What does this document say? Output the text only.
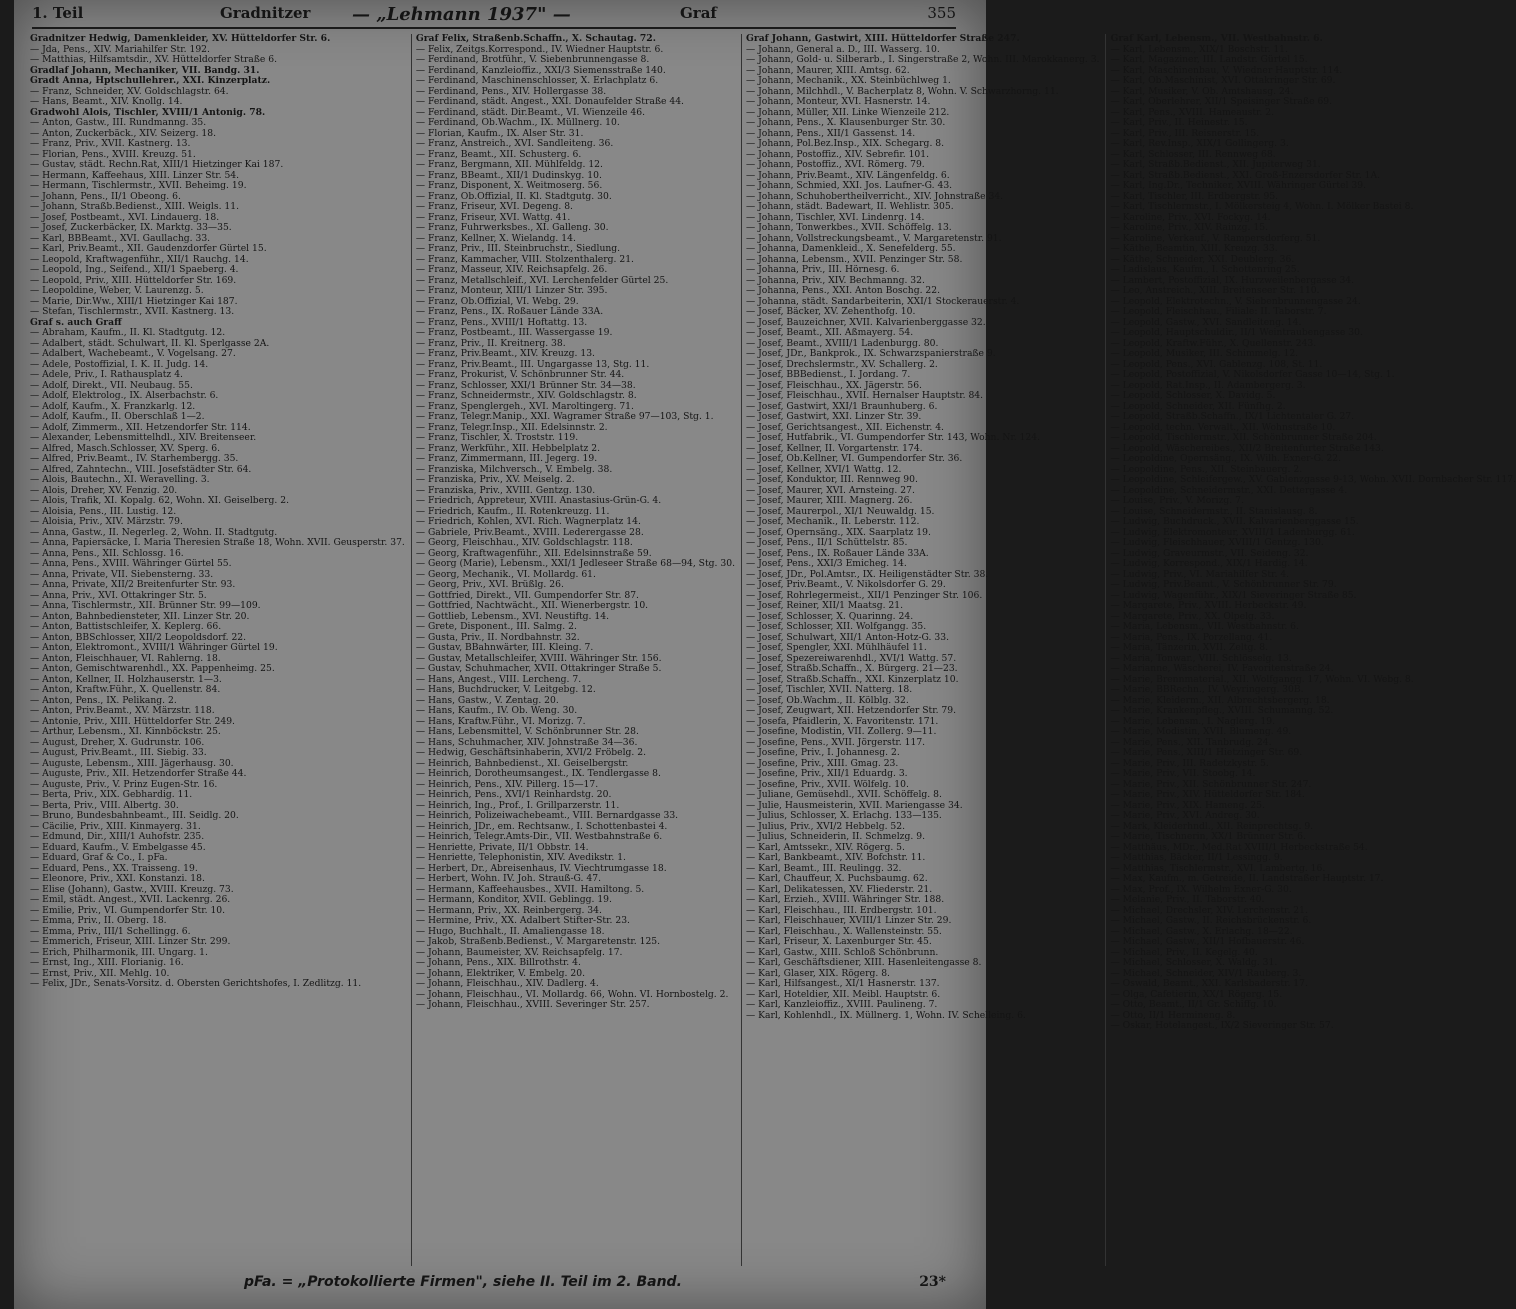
1. Teil	Gradnitzer — „Lehmann 1937" —	Graf	355
Gradnitzer Hedwig, Damenkleider, XV. Hütteldorfer Str. 6.
— Jda, Pens., XIV. Mariahilfer Str. 192.
— Matthias, Hilfsamtsdir., XV. Hütteldorfer Straße 6.
Gradlaf Johann, Mechaniker, VII. Bandg. 31.
Gradt Anna, Hptschullehrer., XXI. Kinzerplatz.
— Franz, Schneider, XV. Goldschlagstr. 64.
— Hans, Beamt., XIV. Knollg. 14.
Gradwohl Alois, Tischler, XVIII/1 Antonig. 78.
— Anton, Gastw., III. Rundmanng. 35.
— Anton, Zuckerbäck., XIV. Seizerg. 18.
— Franz, Priv., XVII. Kastnerg. 13.
— Florian, Pens., XVIII. Kreuzg. 51.
— Gustav, städt. Rechn.Rat, XIII/1 Hietzinger Kai 187.
— Hermann, Kaffeehaus, XIII. Linzer Str. 54.
— Hermann, Tischlermstr., XVII. Beheimg. 19.
— Johann, Pens., II/1 Obeong. 6.
— Johann, Straßb.Bedienst., XIII. Weigls. 11.
— Josef, Postbeamt., XVI. Lindauerg. 18.
— Josef, Zuckerbäcker, IX. Marktg. 33—35.
— Karl, BBBeamt., XVI. Gaullachg. 33.
— Karl, Priv.Beamt., XII. Gaudenzdorfer Gürtel 15.
— Leopold, Kraftwagenführ., XII/1 Rauchg. 14.
— Leopold, Ing., Seifend., XII/1 Spaeberg. 4.
— Leopold, Priv., XIII. Hütteldorfer Str. 169.
— Leopoldine, Weber, V. Laurenzg. 5.
— Marie, Dir.Ww., XIII/1 Hietzinger Kai 187.
— Stefan, Tischlermstr., XVII. Kastnerg. 13.
Graf s. auch Graff
— Abraham, Kaufm., II. Kl. Stadtgutg. 12.
— Adalbert, städt. Schulwart, II. Kl. Sperlgasse 2A.
— Adalbert, Wachebeamt., V. Vogelsang. 27.
— Adele, Postoffizial, I. K. II. Judg. 14.
— Adele, Priv., I. Rathausplatz 4.
— Adolf, Direkt., VII. Neubaug. 55.
— Adolf, Elektrolog., IX. Alserbachstr. 6.
— Adolf, Kaufm., X. Franzkarlg. 12.
— Adolf, Kaufm., II. Oberschlaß 1—2.
— Adolf, Zimmerm., XII. Hetzendorfer Str. 114.
— Alexander, Lebensmittelhdl., XIV. Breitenseer.
— Alfred, Masch.Schlosser, XV. Sperg. 6.
— Alfred, Priv.Beamt., IV. Starhembergg. 35.
— Alfred, Zahntechn., VIII. Josefstädter Str. 64.
— Alois, Bautechn., XI. Weravelling. 3.
— Alois, Dreher, XV. Fenzig. 20.
— Alois, Trafik, XI. Kopalg. 62, Wohn. XI. Geiselberg. 2.
— Aloisia, Pens., III. Lustig. 12.
— Aloisia, Priv., XIV. Märzstr. 79.
— Anna, Gastw., II. Negerleg. 2, Wohn. II. Stadtgutg.
— Anna, Papiersäcke, I. Maria Theresien Straße 18, Wohn. XVII. Geusperstr. 37.
— Anna, Pens., XII. Schlossg. 16.
— Anna, Pens., XVIII. Währinger Gürtel 55.
— Anna, Private, VII. Siebensterng. 33.
— Anna, Private, XII/2 Breitenfurter Str. 93.
— Anna, Priv., XVI. Ottakringer Str. 5.
— Anna, Tischlermstr., XII. Brünner Str. 99—109.
— Anton, Bahnbediensteter, XII. Linzer Str. 20.
— Anton, Battistschleifer, X. Keplerg. 66.
— Anton, BBSchlosser, XII/2 Leopoldsdorf. 22.
— Anton, Elektromont., XVIII/1 Währinger Gürtel 19.
— Anton, Fleischhauer, VI. Rahlerng. 18.
— Anton, Gemischtwarenhdl., XX. Pappenheimg. 25.
— Anton, Kellner, II. Holzhauserstr. 1—3.
— Anton, Kraftw.Führ., X. Quellenstr. 84.
— Anton, Pens., IX. Pelikang. 2.
— Anton, Priv.Beamt., XV. Märzstr. 118.
— Antonie, Priv., XIII. Hütteldorfer Str. 249.
— Arthur, Lebensm., XI. Kinnböckstr. 25.
— August, Dreher, X. Gudrunstr. 106.
— August, Priv.Beamt., III. Siebig. 33.
— Auguste, Lebensm., XIII. Jägerhausg. 30.
— Auguste, Priv., XII. Hetzendorfer Straße 44.
— Auguste, Priv., V. Prinz Eugen-Str. 16.
— Berta, Priv., XIX. Gebhardig. 11.
— Berta, Priv., VIII. Albertg. 30.
— Bruno, Bundesbahnbeamt., III. Seidlg. 20.
— Cäcilie, Priv., XIII. Kinmayerg. 31.
— Edmund, Dir., XIII/1 Auhofstr. 235.
— Eduard, Kaufm., V. Embelgasse 45.
— Eduard, Graf & Co., I. pFa.
— Eduard, Pens., XX. Traisseng. 19.
— Eleonore, Priv., XXI. Konstanzi. 18.
— Elise (Johann), Gastw., XVIII. Kreuzg. 73.
— Emil, städt. Angest., XVII. Lackenrg. 26.
— Emilie, Priv., VI. Gumpendorfer Str. 10.
— Emma, Priv., II. Oberg. 18.
— Emma, Priv., III/1 Schellingg. 6.
— Emmerich, Friseur, XIII. Linzer Str. 299.
— Erich, Philharmonik, III. Ungarg. 1.
— Ernst, Ing., XIII. Florianig. 16.
— Ernst, Priv., XII. Mehlg. 10.
— Felix, JDr., Senats-Vorsitz. d. Obersten Gerichtshofes, I. Zedlitzg. 11.
Graf Felix, Straßenb.Schaffn., X. Schautag. 72.
— Felix, Zeitgs.Korrespond., IV. Wiedner Hauptstr. 6.
— Ferdinand, Brotführ., V. Siebenbrunnengasse 8.
— Ferdinand, Kanzleioffiz., XXI/3 Siemensstraße 140.
— Ferdinand, Maschinenschlosser, X. Erlachplatz 6.
— Ferdinand, Pens., XIV. Hollergasse 38.
— Ferdinand, städt. Angest., XXI. Donaufelder Straße 44.
— Ferdinand, städt. Dir.Beamt., VI. Wienzeile 46.
— Ferdinand, Ob.Wachm., IX. Müllnerg. 10.
— Florian, Kaufm., IX. Alser Str. 31.
— Franz, Anstreich., XVI. Sandleiteng. 36.
— Franz, Beamt., XII. Schusterg. 6.
— Franz, Bergmann, XII. Mühlfeldg. 12.
— Franz, BBeamt., XII/1 Dudinskyg. 10.
— Franz, Disponent, X. Weitmoserg. 56.
— Franz, Ob.Offizial, II. Kl. Stadtgutg. 30.
— Franz, Friseur, XVI. Degeng. 8.
— Franz, Friseur, XVI. Wattg. 41.
— Franz, Fuhrwerksbes., XI. Galleng. 30.
— Franz, Kellner, X. Wielandg. 14.
— Franz, Priv., III. Steinbruchstr., Siedlung.
— Franz, Kammacher, VIII. Stolzenthalerg. 21.
— Franz, Masseur, XIV. Reichsapfelg. 26.
— Franz, Metallschleif., XVI. Lerchenfelder Gürtel 25.
— Franz, Monteur, XIII/1 Linzer Str. 395.
— Franz, Ob.Offizial, VI. Webg. 29.
— Franz, Pens., IX. Roßauer Lände 33A.
— Franz, Pens., XVIII/1 Hoftattg. 13.
— Franz, Postbeamt., III. Wassergasse 19.
— Franz, Priv., II. Kreitnerg. 38.
— Franz, Priv.Beamt., XIV. Kreuzg. 13.
— Franz, Priv.Beamt., III. Ungargasse 13, Stg. 11.
— Franz, Prokurist, V. Schönbrunner Str. 44.
— Franz, Schlosser, XXI/1 Brünner Str. 34—38.
— Franz, Schneidermstr., XIV. Goldschlagstr. 8.
— Franz, Spenglergeh., XVI. Maroltingerg. 71.
— Franz, Telegr.Manip., XXI. Wagramer Straße 97—103, Stg. 1.
— Franz, Telegr.Insp., XII. Edelsinnstr. 2.
— Franz, Tischler, X. Troststr. 119.
— Franz, Werkführ., XII. Hebbelplatz 2.
— Franz, Zimmermann, III. Jegerg. 19.
— Franziska, Milchversch., V. Embelg. 38.
— Franziska, Priv., XV. Meiselg. 2.
— Franziska, Priv., XVIII. Gentzg. 130.
— Friedrich, Appreteur, XVIII. Anastasius-Grün-G. 4.
— Friedrich, Kaufm., II. Rotenkreuzg. 11.
— Friedrich, Kohlen, XVI. Rich. Wagnerplatz 14.
— Gabriele, Priv.Beamt., XVIII. Lederergasse 28.
— Georg, Fleischhau., XIV. Goldschlagstr. 118.
— Georg, Kraftwagenführ., XII. Edelsinnstraße 59.
— Georg (Marie), Lebensm., XXI/1 Jedleseer Straße 68—94, Stg. 30.
— Georg, Mechanik., VI. Mollardg. 61.
— Georg, Priv., XVI. Brüßlg. 26.
— Gottfried, Direkt., VII. Gumpendorfer Str. 87.
— Gottfried, Nachtwächt., XII. Wienerbergstr. 10.
— Gottlieb, Lebensm., XVI. Neustiftg. 14.
— Grete, Disponent., III. Salmg. 2.
— Gusta, Priv., II. Nordbahnstr. 32.
— Gustav, BBahnwärter, III. Kleing. 7.
— Gustav, Metallschleifer, XVIII. Währinger Str. 156.
— Gustav, Schuhmacher, XVII. Ottakringer Straße 5.
— Hans, Angest., VIII. Lercheng. 7.
— Hans, Buchdrucker, V. Leitgebg. 12.
— Hans, Gastw., V. Zentag. 20.
— Hans, Kaufm., IV. Ob. Weng. 30.
— Hans, Kraftw.Führ., VI. Morizg. 7.
— Hans, Lebensmittel, V. Schönbrunner Str. 28.
— Hans, Schuhmacher, XIV. Johnstraße 34—36.
— Hedwig, Geschäftsinhaberin, XVI/2 Fröbelg. 2.
— Heinrich, Bahnbedienst., XI. Geiselbergstr.
— Heinrich, Dorotheumsangest., IX. Tendlergasse 8.
— Heinrich, Pens., XIV. Pillerg. 15—17.
— Heinrich, Pens., XVI/1 Reinhardstg. 20.
— Heinrich, Ing., Prof., I. Grillparzerstr. 11.
— Heinrich, Polizeiwachebeamt., VIII. Bernardgasse 33.
— Heinrich, JDr., em. Rechtsanw., I. Schottenbastei 4.
— Heinrich, Telegr.Amts-Dir., VII. Westbahnstraße 6.
— Henriette, Private, II/1 Obbstr. 14.
— Henriette, Telephonistin, XIV. Avedikstr. 1.
— Herbert, Dr., Abreisenhaus, IV. Viechtrumgasse 18.
— Herbert, Wohn. IV. Joh. Strauß-G. 47.
— Hermann, Kaffeehausbes., XVII. Hamiltong. 5.
— Hermann, Konditor, XVII. Geblingg. 19.
— Hermann, Priv., XX. Reinbergerg. 34.
— Hermine, Priv., XX. Adalbert Stifter-Str. 23.
— Hugo, Buchhalt., II. Amaliengasse 18.
— Jakob, Straßenb.Bedienst., V. Margaretenstr. 125.
— Johann, Baumeister, XV. Reichsapfelg. 17.
— Johann, Pens., XIX. Billrothstr. 4.
— Johann, Elektriker, V. Embelg. 20.
— Johann, Fleischhau., XIV. Dadlerg. 4.
— Johann, Fleischhau., VI. Mollardg. 66, Wohn. VI. Hornbostelg. 2.
— Johann, Fleischhau., XVIII. Severinger Str. 257.
Graf Johann, Gastwirt, XIII. Hütteldorfer Straße 247.
— Johann, General a. D., III. Wasserg. 10.
— Johann, Gold- u. Silberarb., I. Singerstraße 2, Wohn. III. Marokkanerg. 3.
— Johann, Maurer, XIII. Amtsg. 62.
— Johann, Mechanik., XX. Steinbüchlweg 1.
— Johann, Milchhdl., V. Bacherplatz 8, Wohn. V. Schwarzhorng. 11.
— Johann, Monteur, XVI. Hasnerstr. 14.
— Johann, Müller, XII. Linke Wienzeile 212.
— Johann, Pens., X. Klausenburger Str. 30.
— Johann, Pens., XII/1 Gassenst. 14.
— Johann, Pol.Bez.Insp., XIX. Schegarg. 8.
— Johann, Postoffiz., XIV. Sebrefir. 101.
— Johann, Postoffiz., XVI. Römerg. 79.
— Johann, Priv.Beamt., XIV. Längenfeldg. 6.
— Johann, Schmied, XXI. Jos. Laufner-G. 43.
— Johann, Schuhobertheilverricht., XIV. Johnstraße 34.
— Johann, städt. Badewart, II. Wehlistr. 305.
— Johann, Tischler, XVI. Lindenrg. 14.
— Johann, Tonwerkbes., XVII. Schöffelg. 13.
— Johann, Vollstreckungsbeamt., V. Margaretenstr. 91.
— Johanna, Damenkleid., X. Senefelderg. 55.
— Johanna, Lebensm., XVII. Penzinger Str. 58.
— Johanna, Priv., III. Hörnesg. 6.
— Johanna, Priv., XIV. Bechmanng. 32.
— Johanna, Pens., XXI. Anton Boschg. 22.
— Johanna, städt. Sandarbeiterin, XXI/1 Stockerauerstr. 4.
— Josef, Bäcker, XV. Zehenthofg. 10.
— Josef, Bauzeichner, XVII. Kalvarienberggasse 32.
— Josef, Beamt., XII. Aßmayerg. 54.
— Josef, Beamt., XVIII/1 Ladenburgg. 80.
— Josef, JDr., Bankprok., IX. Schwarzspanierstraße 9.
— Josef, Drechslermstr., XV. Schallerg. 2.
— Josef, BBBedienst., I. Jordang. 7.
— Josef, Fleischhau., XX. Jägerstr. 56.
— Josef, Fleischhau., XVII. Hernalser Hauptstr. 84.
— Josef, Gastwirt, XXI/1 Braunhuberg. 6.
— Josef, Gastwirt, XXI. Linzer Str. 39.
— Josef, Gerichtsangest., XII. Eichenstr. 4.
— Josef, Hutfabrik., VI. Gumpendorfer Str. 143, Wohn. Nr. 124.
— Josef, Kellner, II. Vorgartenstr. 174.
— Josef, Ob.Kellner, VI. Gumpendorfer Str. 36.
— Josef, Kellner, XVI/1 Wattg. 12.
— Josef, Konduktor, III. Rennweg 90.
— Josef, Maurer, XVI. Arnsteing. 27.
— Josef, Maurer, XIII. Magnerg. 26.
— Josef, Maurerpol., XI/1 Neuwaldg. 15.
— Josef, Mechanik., II. Leberstr. 112.
— Josef, Opernsäng., XIX. Saarplatz 19.
— Josef, Pens., II/1 Schüttelstr. 85.
— Josef, Pens., IX. Roßauer Lände 33A.
— Josef, Pens., XXI/3 Emicheg. 14.
— Josef, JDr., Pol.Amtsr., IX. Heiligenstädter Str. 38.
— Josef, Priv.Beamt., V. Nikolsdorfer G. 29.
— Josef, Rohrlegermeist., XII/1 Penzinger Str. 106.
— Josef, Reiner, XII/1 Maatsg. 21.
— Josef, Schlosser, X. Quarinng. 24.
— Josef, Schlosser, XII. Wolfgangg. 35.
— Josef, Schulwart, XII/1 Anton-Hotz-G. 33.
— Josef, Spengler, XXI. Mühlhäufel 11.
— Josef, Spezereiwarenhdl., XVI/1 Wattg. 57.
— Josef, Straßb.Schaffn., X. Bürgerg. 21—23.
— Josef, Straßb.Schaffn., XXI. Kinzerplatz 10.
— Josef, Tischler, XVII. Natterg. 18.
— Josef, Ob.Wachm., II. Kölblg. 32.
— Josef, Zeugwart, XII. Hetzendorfer Str. 79.
— Josefa, Pfaidlerin, X. Favoritenstr. 171.
— Josefine, Modistin, VII. Zollerg. 9—11.
— Josefine, Pens., XVII. Jörgerstr. 117.
— Josefine, Priv., I. Johannesg. 2.
— Josefine, Priv., XIII. Gmag. 23.
— Josefine, Priv., XII/1 Eduardg. 3.
— Josefine, Priv., XVII. Wölfelg. 10.
— Juliane, Gemüsehdl., XVII. Schöffelg. 8.
— Julie, Hausmeisterin, XVII. Mariengasse 34.
— Julius, Schlosser, X. Erlachg. 133—135.
— Julius, Priv., XVI/2 Hebbelg. 52.
— Julius, Schneiderin, II. Schmelzg. 9.
— Karl, Amtssekr., XIV. Rögerg. 5.
— Karl, Bankbeamt., XIV. Bofchstr. 11.
— Karl, Beamt., III. Reulingg. 32.
— Karl, Chauffeur, X. Puchsbaumg. 62.
— Karl, Delikatessen, XV. Fliederstr. 21.
— Karl, Erzieh., XVIII. Währinger Str. 188.
— Karl, Fleischhau., III. Erdbergstr. 101.
— Karl, Fleischhauer, XVIII/1 Linzer Str. 29.
— Karl, Fleischhau., X. Wallensteinstr. 55.
— Karl, Friseur, X. Laxenburger Str. 45.
— Karl, Gastw., XIII. Schloß Schönbrunn.
— Karl, Geschäftsdiener, XIII. Hasenleitengasse 8.
— Karl, Glaser, XIX. Rögerg. 8.
— Karl, Hilfsangest., XI/1 Hasnerstr. 137.
— Karl, Hoteldier, XII. Meibl. Hauptstr. 6.
— Karl, Kanzleioffiz., XVIII. Paulineng. 7.
— Karl, Kohlenhdl., IX. Müllnerg. 1, Wohn. IV. Schelleing. 6.
Graf Karl, Lebensm., VII. Westbahnstr. 6.
— Karl, Lebensm., XIX/1 Boschstr. 11.
— Karl, Magaziner, III. Landstr. Gürtel 15.
— Karl, Maschinenbau, V. Wiedner Hauptstr. 114.
— Karl, Ob.Maschinist, XVI. Ottakringer Str. 69.
— Karl, Musiker, V. Ob. Amtshausg. 24.
— Karl, Oberlehrer, XII/1 Speisinger Straße 69.
— Karl, Pens., XVIII. Hameaustr. 2.
— Karl, Priv., II. Heinestr. 15.
— Karl, Priv., III. Reisnerstr. 15.
— Karl, Rev.Insp., XIX/1 Gollingerg. 3.
— Karl, Schlosser, III. Rennweg 68.
— Karl, Straßb.Bedienst., XII. Jupiterweg 31.
— Karl, Straßb.Bedienst., XXI. Groß-Enzersdorfer Str. 1A.
— Karl, Ing.Dr., Techniker, XVIII. Währinger Gürtel 39.
— Karl, Tischler, III. Erdbergstr. 95.
— Karl, Tischlermstr., I. Mölkersteig 4, Wohn. I. Mölker Bastei 8.
— Karoline, Priv., XVI. Fockyg. 14.
— Karoline, Priv., XIV. Rainzg. 15.
— Karoline, Verkauf., V. Rampersdorferg. 51.
— Käthe, Beamtin, XIII. Kreuzg. 33.
— Käthe, Schneider, XXI. Deublerg. 36.
— Ladislaus, Kaufm., I. Schottenring 25.
— Lambert, Postoffizial, IX. Hurzweilenbergasse 34.
— Leo, Anstreich., XIII. Breitenseer Str. 110.
— Leopold, Elektrotechn., V. Siebenbrunnengasse 24.
— Leopold, Fleischhau., Filiale: II. Taborstr. 7.
— Leopold, Gastw., XVI. Sandleiteng. 14.
— Leopold, Hauptschuldir., II/1 Weintraubengasse 30.
— Leopold, Kraftw.Führ., X. Quellenstr. 243.
— Leopold, Musiker, III. Schimmelg. 12.
— Leopold, Pens., XVI. Gablenzg. 108, St. 11.
— Leopold, Postoffizial, V. Nikolsdorfer Gasse 10—14, Stg. 1.
— Leopold, Rat.Insp., II. Adambergerg. 3.
— Leopold, Schlosser, X. Davidg. 5.
— Leopold, Schneider, XII. Fünfhg. 2.
— Leopold, Straßb.Schaffn., IX/1 Lichtentaler G. 27.
— Leopold, techn. Verwalt., XII. Wohnstraße 10.
— Leopold, Tischlermstr., XII. Schönbrunner Straße 204.
— Leopold, Wäschereibes., XII/2 Breitenfurter Straße 143.
— Leopoldine, Opernsäng., IX. Wilh. Exner-G. 22.
— Leopoldine, Pens., XII. Steinbauerg. 2.
— Leopoldine, Schleifergew., XV. Gablenzgasse 9-13, Wohn. XVII. Dornbacher Str. 117.
— Leopoldine, Schneidermstr., XXI. Dettergasse 4.
— Louise, Priv., V. Morizg. 7.
— Louise, Schneidermstr., II. Stanislausg. 8.
— Ludwig, Buchdruck., XVII. Kalvarienberggasse 15.
— Ludwig, Elektromonteur, XVIII/1 Ladenburgg. 61.
— Ludwig, Fleischhauer, XVIII/1 Gentzg. 130.
— Ludwig, Graveurmstr., VII. Seideng. 32.
— Ludwig, Korrespond., XIX/1 Hardig. 14.
— Ludwig, Priv., VI. Mariahilfer Str. 4.
— Ludwig, Priv.Beamt., V. Schönbrunner Str. 79.
— Ludwig, Wagenführ., XIX/1 Sieveringer Straße 85.
— Margarete, Priv., XVIII. Herbeckstr. 49.
— Margarete, Priv., XX. Olpelg. 33.
— Maria, Lebensm., VII. Westbahnstr. 6.
— Maria, Pens., IX. Porzellang. 41.
— Maria, Tänzerin, XVII. Zeltg. 8.
— Maria, Tonwar., VIII. Schlösselg. 13.
— Marianne, Wäscherei, IV. Favoritenstraße 24.
— Marie, Brennmaterial., XII. Wolfgangg. 17, Wohn. VI. Webg. 8.
— Marie, BBRechn., IV. Weyringerg. 30B.
— Marie, Kleiderm., XII. Albrechtsbergerg. 18.
— Marie, Krankenpfleg., XVIII. Schumanng. 52.
— Marie, Lebensm., I. Naglerg. 19.
— Marie, Modistin, XVII. Blumeng. 49.
— Marie, Pens., XII. Tanbrudg. 24.
— Marie, Pens., XIII/1 Hietzinger Str. 69.
— Marie, Priv., III. Radetzkystr. 5.
— Marie, Priv., VII. Stoobg. 14.
— Marie, Priv., XII. Schönbrunner Str. 247.
— Marie, Priv., XIV. Hütteldorfer Str. 184.
— Marie, Priv., XIX. Hameng. 25.
— Marie, Priv., XVI. Andreg. 30.
— Mark, Kleiderhndl., XII. Reinprechtsg. 9.
— Marie, Tischnerin, XX/1 Brünner Str. 6.
— Matthäus, MDr., Med.Rat XVIII/1 Herbeckstraße 54.
— Matthias, Bäcker, II/1 Lessingg. 9.
— Matthias, Tischlermstr., XVI. Lambertg. 16.
— Max, Kaufm., m. Getreide, II. Landstraßer Hauptstr. 17.
— Max, Prof., IX. Wilhelm Exner-G. 30.
— Melanie, Priv., II. Taborstr. 40.
— Michael, Drechsler, XIV. Lerchenstr. 21.
— Michael, Gastw., II. Reichsbrückenstr. 6.
— Michael, Gastw., X. Erlachg. 18—22.
— Michael, Gastw., XII/1 Hofbauerstr. 46.
— Michael, Priv., II. Kegelg. 40.
— Michael, Schlosser, X. Waldg. 31.
— Michael, Schneider, XIV/1 Rauberg. 3.
— Oswald, Beamt., XXI. Karlsbaderstr. 17.
— Olga, Cafetierin, XX/1 Rögerg. 15.
— Otto, Beamt., II/1 Gr. Schiffg. 10.
— Otto, II/1 Hermineng. 8.
— Oskar, Hotelangest., IX/2 Sieveringer Str. 57.
pFa. = „Protokollierte Firmen", siehe II. Teil im 2. Band.	23*
